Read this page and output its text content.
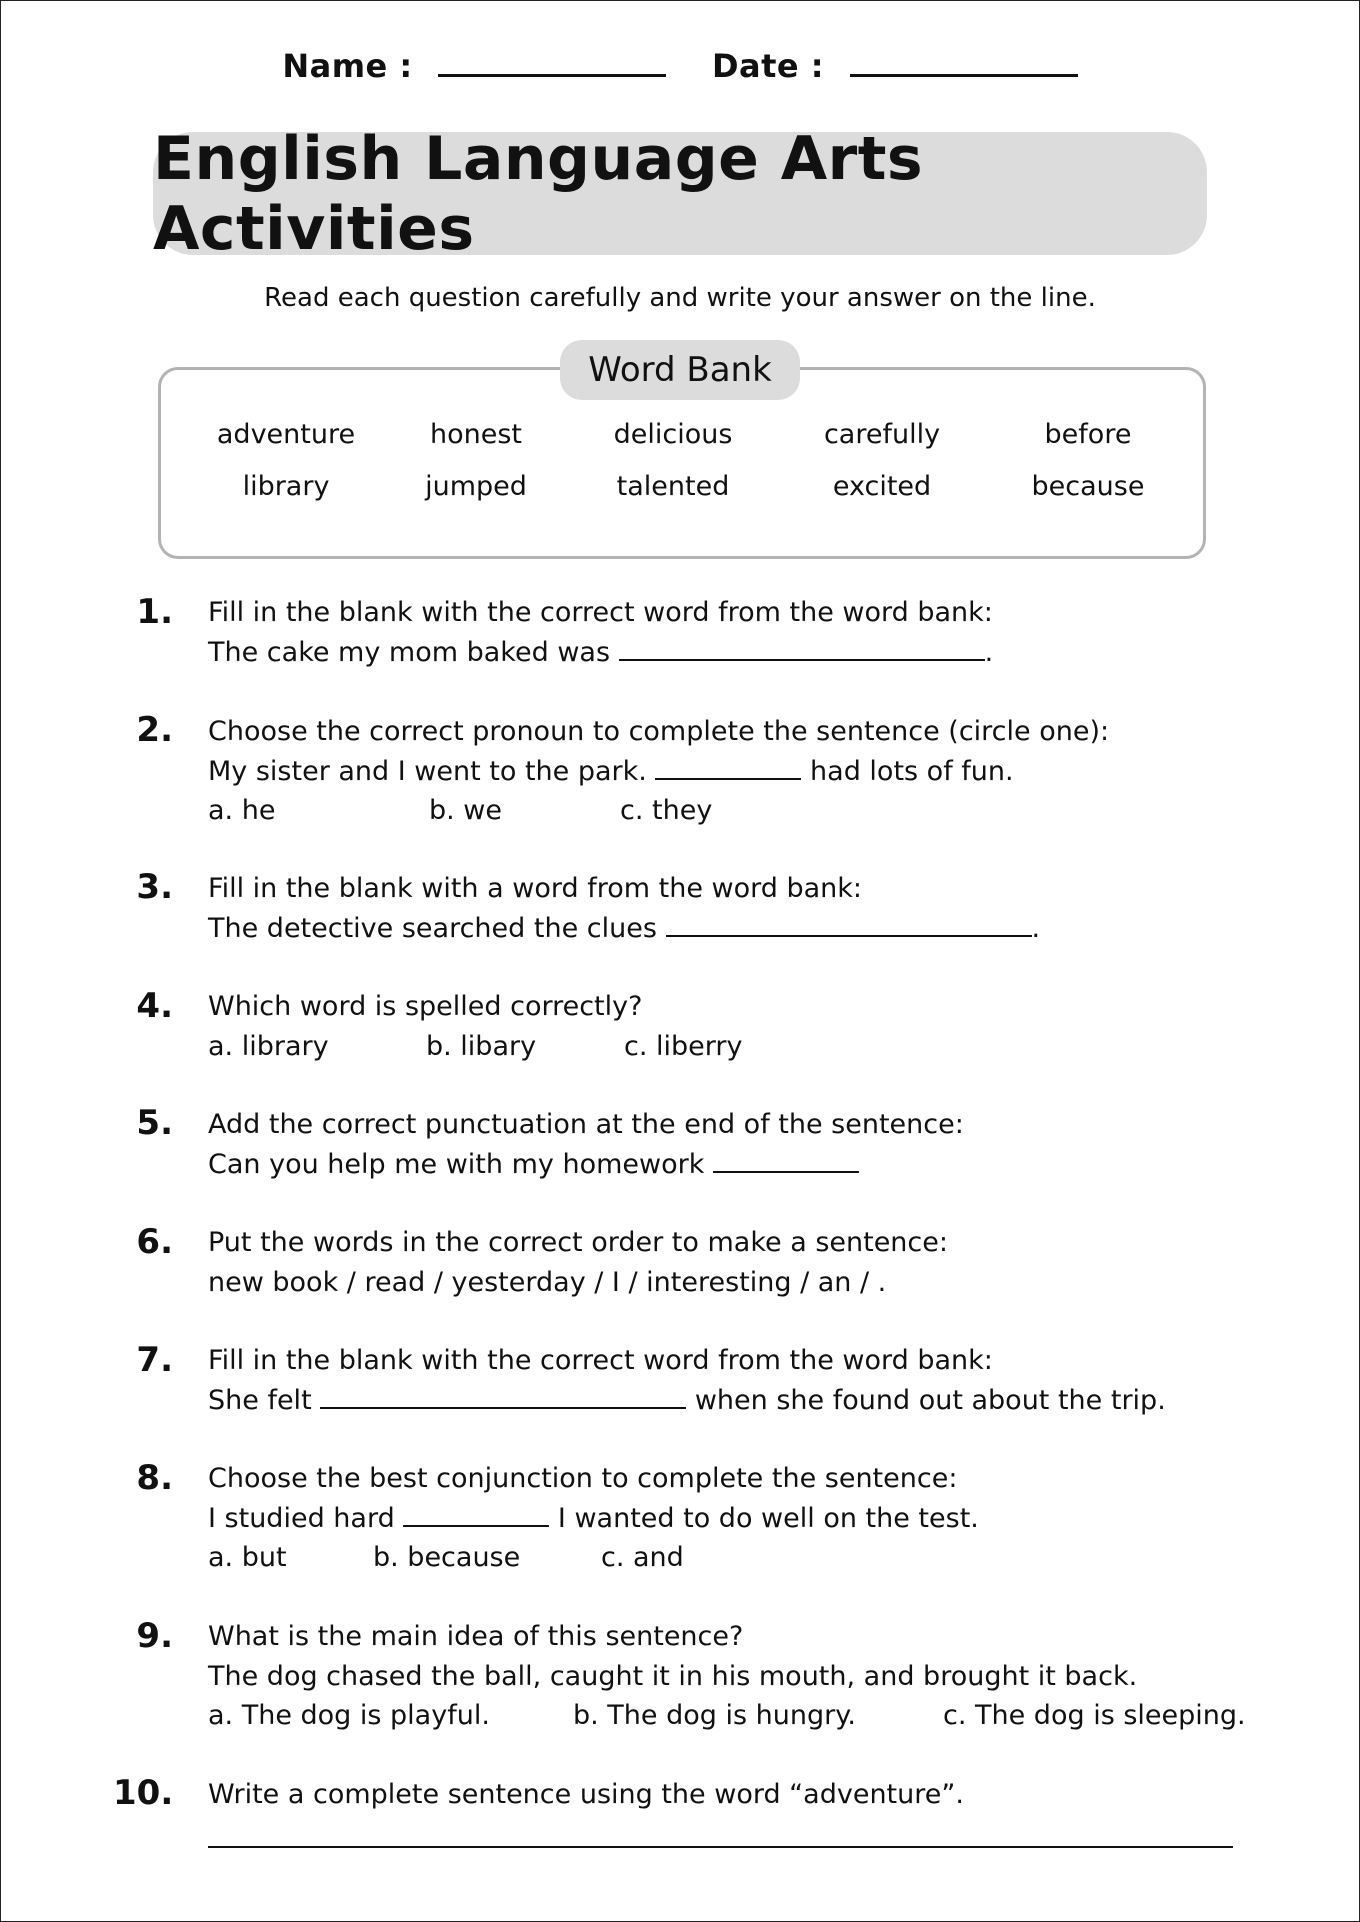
Name :	Date :
English Language Arts Activities
Read each question carefully and write your answer on the line.
Word Bank
adventure	honest	delicious	carefully	before
library	jumped	talented	excited	because
1. Fill in the blank with the correct word from the word bank:
The cake my mom baked was	.
2. Choose the correct pronoun to complete the sentence (circle one):
My sister and I went to the park.	had lots of fun.
a. he	b. we	c. they
3. Fill in the blank with a word from the word bank:
The detective searched the clues	.
4. Which word is spelled correctly?
a. library	b. libary	c. liberry
5. Add the correct punctuation at the end of the sentence:
Can you help me with my homework
6. Put the words in the correct order to make a sentence:
new book / read / yesterday / I / interesting / an / .
7. Fill in the blank with the correct word from the word bank:
She felt	when she found out about the trip.
8. Choose the best conjunction to complete the sentence:
I studied hard	I wanted to do well on the test.
a. but	b. because	c. and
9. What is the main idea of this sentence?
The dog chased the ball, caught it in his mouth, and brought it back.
a. The dog is playful.	b. The dog is hungry.	c. The dog is sleeping.
10. Write a complete sentence using the word “adventure”.
